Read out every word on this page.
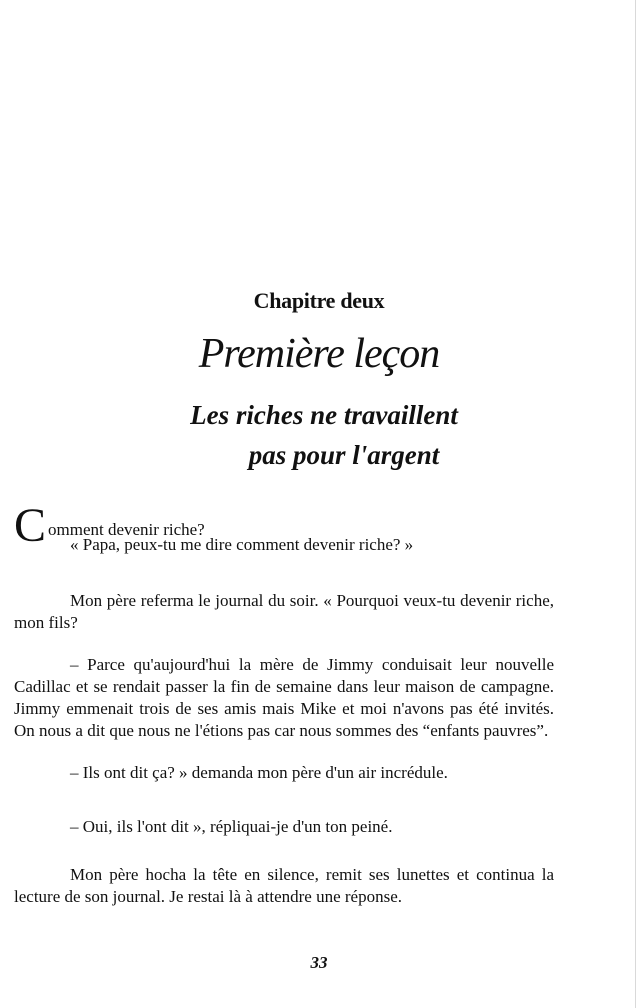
Chapitre deux
Première leçon
Les riches ne travaillent
pas pour l'argent
C omment devenir riche?

« Papa, peux-tu me dire comment devenir riche? »

Mon père referma le journal du soir. « Pourquoi veux-tu devenir riche, mon fils?

– Parce qu'aujourd'hui la mère de Jimmy conduisait leur nouvelle Cadillac et se rendait passer la fin de semaine dans leur maison de campagne. Jimmy emmenait trois de ses amis mais Mike et moi n'avons pas été invités. On nous a dit que nous ne l'étions pas car nous sommes des “enfants pauvres”.

– Ils ont dit ça? » demanda mon père d'un air incrédule.

– Oui, ils l'ont dit », répliquai-je d'un ton peiné.

Mon père hocha la tête en silence, remit ses lunettes et continua la lecture de son journal. Je restai là à attendre une réponse.

33
